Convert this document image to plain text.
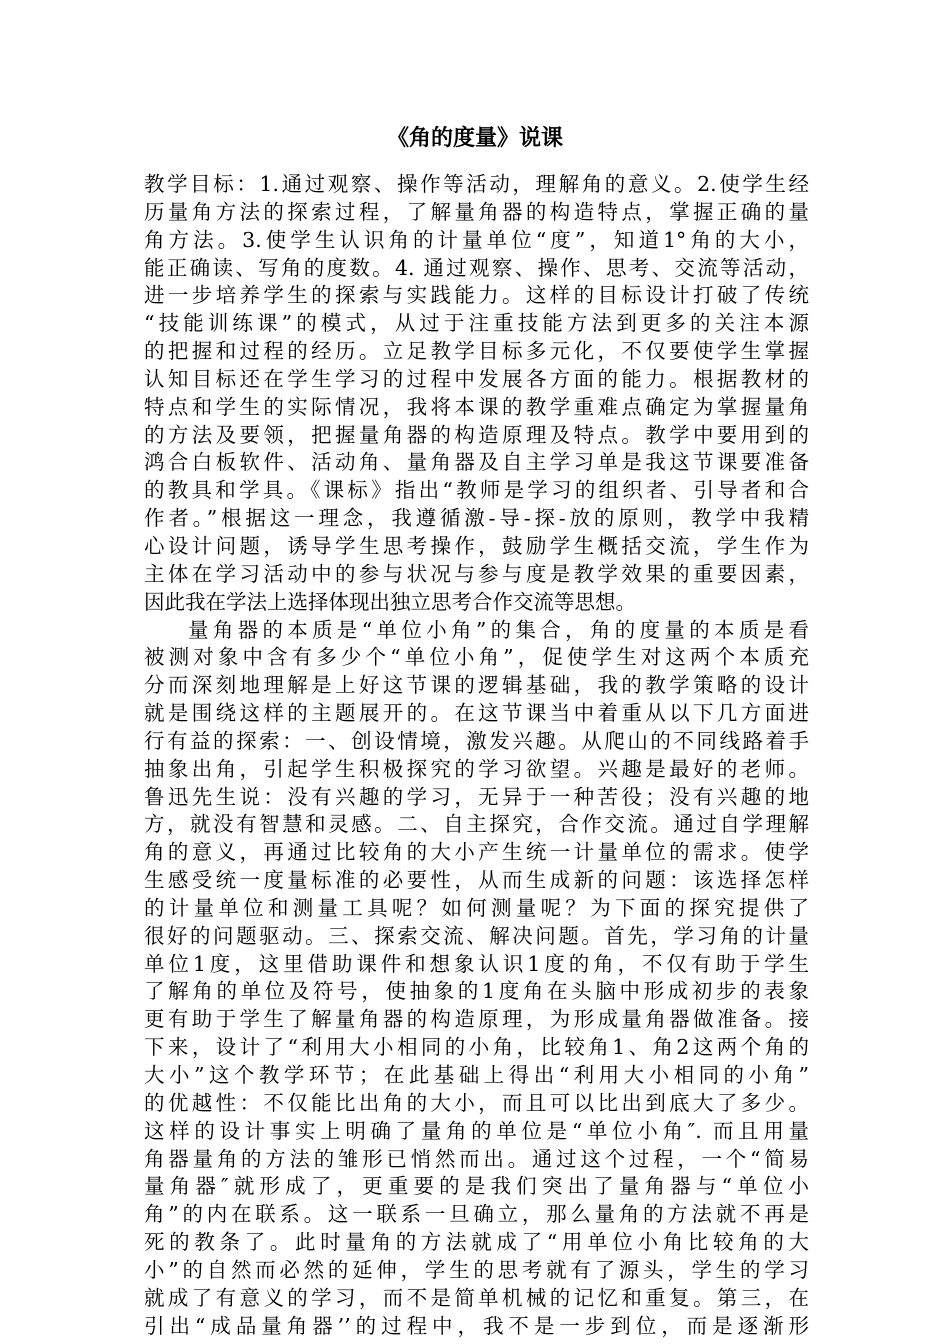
《角的度量》说课
教学目标：1.通过观察、操作等活动，理解角的意义。2.使学生经
历量角方法的探索过程，了解量角器的构造特点，掌握正确的量
角方法。3.使学生认识角的计量单位“度”，知道1°角的大小，
能正确读、写角的度数。4. 通过观察、操作、思考、交流等活动，
进一步培养学生的探索与实践能力。这样的目标设计打破了传统
“技能训练课”的模式，从过于注重技能方法到更多的关注本源
的把握和过程的经历。立足教学目标多元化，不仅要使学生掌握
认知目标还在学生学习的过程中发展各方面的能力。根据教材的
特点和学生的实际情况，我将本课的教学重难点确定为掌握量角
的方法及要领，把握量角器的构造原理及特点。教学中要用到的
鸿合白板软件、活动角、量角器及自主学习单是我这节课要准备
的教具和学具。《课标》指出“教师是学习的组织者、引导者和合
作者。”根据这一理念，我遵循激-导-探-放的原则，教学中我精
心设计问题，诱导学生思考操作，鼓励学生概括交流，学生作为
主体在学习活动中的参与状况与参与度是教学效果的重要因素，
因此我在学法上选择体现出独立思考合作交流等思想。
量角器的本质是“单位小角”的集合，角的度量的本质是看
被测对象中含有多少个“单位小角”，促使学生对这两个本质充
分而深刻地理解是上好这节课的逻辑基础，我的教学策略的设计
就是围绕这样的主题展开的。在这节课当中着重从以下几方面进
行有益的探索：一、创设情境，激发兴趣。从爬山的不同线路着手
抽象出角，引起学生积极探究的学习欲望。兴趣是最好的老师。
鲁迅先生说：没有兴趣的学习，无异于一种苦役；没有兴趣的地
方，就没有智慧和灵感。二、自主探究，合作交流。通过自学理解
角的意义，再通过比较角的大小产生统一计量单位的需求。使学
生感受统一度量标准的必要性，从而生成新的问题：该选择怎样
的计量单位和测量工具呢？如何测量呢？为下面的探究提供了
很好的问题驱动。三、探索交流、解决问题。首先，学习角的计量
单位1度，这里借助课件和想象认识1度的角，不仅有助于学生
了解角的单位及符号，使抽象的1度角在头脑中形成初步的表象
更有助于学生了解量角器的构造原理，为形成量角器做准备。接
下来，设计了“利用大小相同的小角，比较角1、角2这两个角的
大小”这个教学环节；在此基础上得出“利用大小相同的小角”
的优越性：不仅能比出角的大小，而且可以比出到底大了多少。
这样的设计事实上明确了量角的单位是“单位小角″. 而且用量
角器量角的方法的雏形已悄然而出。通过这个过程，一个“简易
量角器″就形成了，更重要的是我们突出了量角器与“单位小
角”的内在联系。这一联系一旦确立，那么量角的方法就不再是
死的教条了。此时量角的方法就成了“用单位小角比较角的大
小”的自然而必然的延伸，学生的思考就有了源头，学生的学习
就成了有意义的学习，而不是简单机械的记忆和重复。第三，在
引出“成品量角器’’的过程中，我不是一步到位，而是逐渐形
